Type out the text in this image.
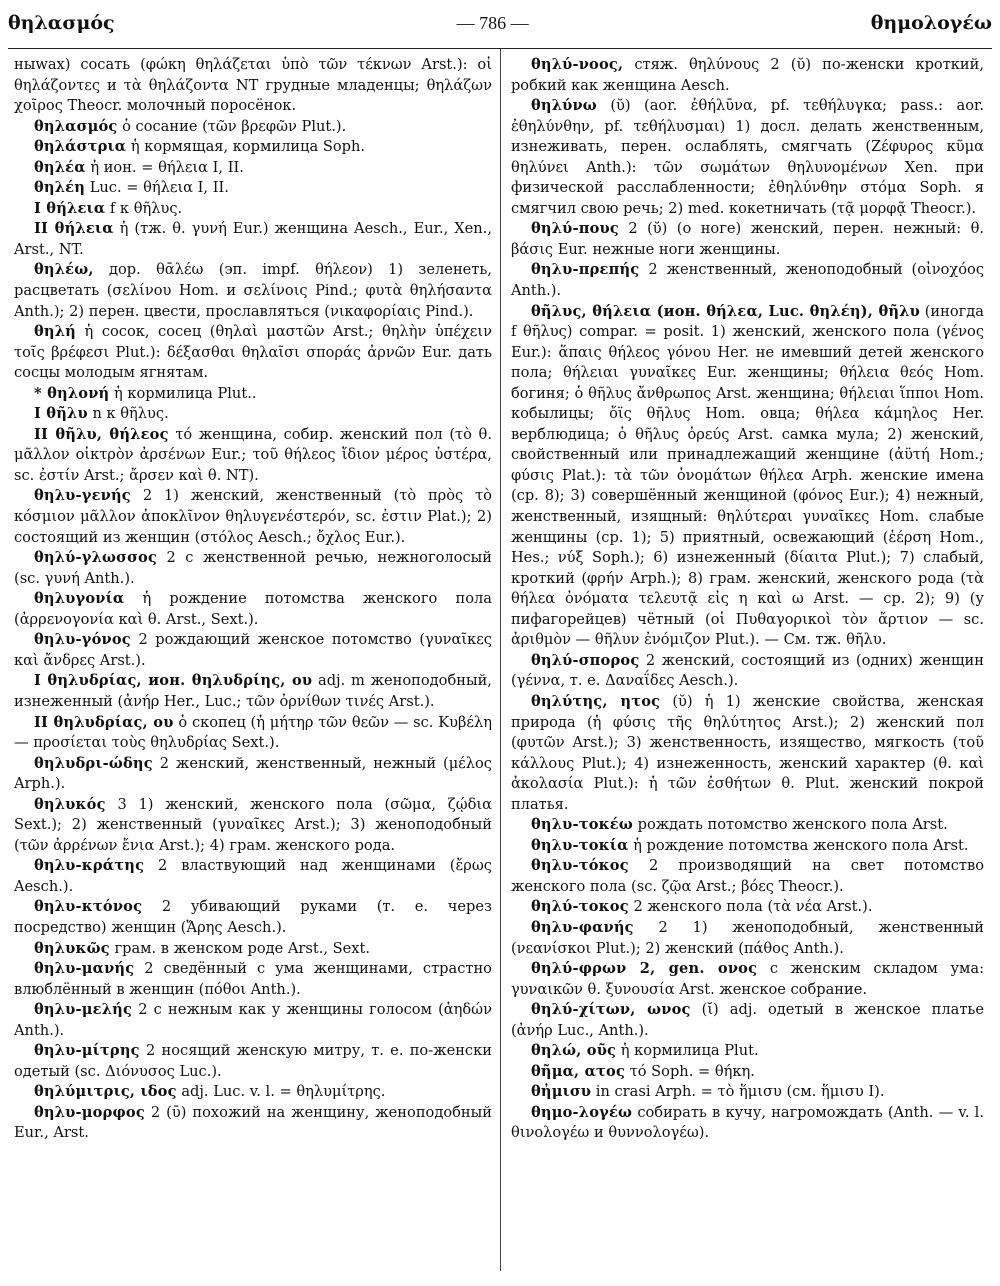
θηλασμός	— 786 —	θημολογέω

ныwax) сосать (φώκη θηλάζεται ὑπὸ τῶν τέκνων Arst.): οἱ θηλάζοντες и τὰ θηλάζοντα NT грудные младенцы; θηλάζων χοῖρος Theocr. молочный поросёнок.

θηλασμός ὁ сосание (τῶν βρεφῶν Plut.).

θηλάστρια ἡ кормящая, кормилица Soph.

θηλέα ἡ ион. = θήλεια I, II.

θηλέη Luc. = θήλεια I, II.

I θήλεια f к θῆλυς.

II θήλεια ἡ (тж. θ. γυνή Eur.) женщина Aesch., Eur., Xen., Arst., NT.

θηλέω, дор. θᾱλέω (эп. impf. θήλεον) 1) зеленеть, расцветать (σελίνου Hom. и σελίνοις Pind.; φυτὰ θηλήσαντα Anth.); 2) перен. цвести, прославляться (νικαφορίαις Pind.).

θηλή ἡ сосок, сосец (θηλαὶ μαστῶν Arst.; θηλὴν ὑπέχειν τοῖς βρέφεσι Plut.): δέξασθαι θηλαῖσι σποράς ἀρνῶν Eur. дать сосцы молодым ягнятам.

* θηλονή ἡ кормилица Plut..

I θῆλυ n к θῆλυς.

II θῆλυ, θήλεος τό женщина, собир. женский пол (τὸ θ. μᾶλλον οἰκτρὸν ἀρσένων Eur.; τοῦ θήλεος ἴδιον μέρος ὑστέρα, sc. ἐστίν Arst.; ἄρσεν καὶ θ. NT).

θηλυ-γενής 2 1) женский, женственный (τὸ πρὸς τὸ κόσμιον μᾶλλον ἀποκλῖνον θηλυγενέστερόν, sc. ἐστιν Plat.); 2) состоящий из женщин (στόλος Aesch.; ὄχλος Eur.).

θηλύ-γλωσσος 2 с женственной речью, нежноголосый (sc. γυνή Anth.).

θηλυγονία ἡ рождение потомства женского пола (ἀρρενογονία καὶ θ. Arst., Sext.).

θηλυ-γόνος 2 рождающий женское потомство (γυναῖκες καὶ ἄνδρες Arst.).

I θηλυδρίας, ион. θηλυδρίης, ου adj. m женоподобный, изнеженный (ἀνήρ Her., Luc.; τῶν ὀρνίθων τινές Arst.).

II θηλυδρίας, ου ὁ скопец (ἡ μήτηρ τῶν θεῶν — sc. Κυβέλη — προσίεται τοὺς θηλυδρίας Sext.).

θηλυδρι-ώδης 2 женский, женственный, нежный (μέλος Arph.).

θηλυκός 3 1) женский, женского пола (σῶμα, ζῴδια Sext.); 2) женственный (γυναῖκες Arst.); 3) женоподобный (τῶν ἀρρένων ἔνια Arst.); 4) грам. женского рода.

θηλυ-κράτης 2 властвующий над женщинами (ἔρως Aesch.).

θηλυ-κτόνος 2 убивающий руками (т. е. через посредство) женщин (Ἄρης Aesch.).

θηλυκῶς грам. в женском роде Arst., Sext.

θηλυ-μανής 2 сведённый с ума женщинами, страстно влюблённый в женщин (πόθοι Anth.).

θηλυ-μελής 2 с нежным как у женщины голосом (ἀηδών Anth.).

θηλυ-μίτρης 2 носящий женскую митру, т. е. по-женски одетый (sc. Διόνυσος Luc.).

θηλύμιτρις, ιδος adj. Luc. v. l. = θηλυμίτρης.

θηλυ-μορφος 2 (ῡ) похожий на женщину, женоподобный Eur., Arst.

θηλύ-νοος, стяж. θηλύνους 2 (ῠ) по-женски кроткий, робкий как женщина Aesch.

θηλύνω (ῠ) (aor. ἐθήλῡνα, pf. τεθήλυγκα; pass.: aor. ἐθηλύνθην, pf. τεθήλυσμαι) 1) досл. делать женственным, изнеживать, перен. ослаблять, смягчать (Ζέφυρος κῦμα θηλύνει Anth.): τῶν σωμάτων θηλυνομένων Xen. при физической расслабленности; ἐθηλύνθην στόμα Soph. я смягчил свою речь; 2) med. кокетничать (τᾷ μορφᾷ Theocr.).

θηλύ-πους 2 (ῠ) (о ноге) женский, перен. нежный: θ. βάσις Eur. нежные ноги женщины.

θηλυ-πρεπής 2 женственный, женоподобный (οἰνοχόος Anth.).

θῆλυς, θήλεια (ион. θήλεα, Luc. θηλέη), θῆλυ (иногда f θῆλυς) compar. = posit. 1) женский, женского пола (γένος Eur.): ἅπαις θήλεος γόνου Her. не имевший детей женского пола; θήλειαι γυναῖκες Eur. женщины; θήλεια θεός Hom. богиня; ὁ θῆλυς ἄνθρωπος Arst. женщина; θήλειαι ἵπποι Hom. кобылицы; ὄϊς θῆλυς Hom. овца; θήλεα κάμηλος Her. верблюдица; ὁ θῆλυς ὀρεύς Arst. самка мула; 2) женский, свойственный или принадлежащий женщине (ἀϋτή Hom.; φύσις Plat.): τὰ τῶν ὀνομάτων θήλεα Arph. женские имена (ср. 8); 3) совершённый женщиной (φόνος Eur.); 4) нежный, женственный, изящный: θηλύτεραι γυναῖκες Hom. слабые женщины (ср. 1); 5) приятный, освежающий (ἐέρση Hom., Hes.; νύξ Soph.); 6) изнеженный (δίαιτα Plut.); 7) слабый, кроткий (φρήν Arph.); 8) грам. женский, женского рода (τὰ θήλεα ὀνόματα τελευτᾷ εἰς η καὶ ω Arst. — ср. 2); 9) (у пифагорейцев) чётный (οἱ Πυθαγορικοὶ τὸν ἄρτιον — sc. ἀριθμὸν — θῆλυν ἐνόμιζον Plut.). — См. тж. θῆλυ.

θηλύ-σπορος 2 женский, состоящий из (одних) женщин (γέννα, т. е. Δαναΐδες Aesch.).

θηλύτης, ητος (ῠ) ἡ 1) женские свойства, женская природа (ἡ φύσις τῆς θηλύτητος Arst.); 2) женский пол (φυτῶν Arst.); 3) женственность, изящество, мягкость (τοῦ κάλλους Plut.); 4) изнеженность, женский характер (θ. καὶ ἀκολασία Plut.): ἡ τῶν ἐσθήτων θ. Plut. женский покрой платья.

θηλυ-τοκέω рождать потомство женского пола Arst.

θηλυ-τοκία ἡ рождение потомства женского пола Arst.

θηλυ-τόκος 2 производящий на свет потомство женского пола (sc. ζῷα Arst.; βόες Theocr.).

θηλύ-τοκος 2 женского пола (τὰ νέα Arst.).

θηλυ-φανής 2 1) женоподобный, женственный (νεανίσκοι Plut.); 2) женский (πάθος Anth.).

θηλύ-φρων 2, gen. ονος с женским складом ума: γυναικῶν θ. ξυνουσία Arst. женское собрание.

θηλύ-χίτων, ωνος (ῐ) adj. одетый в женское платье (ἀνήρ Luc., Anth.).

θηλώ, οῦς ἡ кормилица Plut.

θῆμα, ατος τό Soph. = θήκη.

θἠμισυ in crasi Arph. = τὸ ἥμισυ (см. ἥμισυ I).

θημο-λογέω собирать в кучу, нагромождать (Anth. — v. l. θινολογέω и θυννολογέω).
